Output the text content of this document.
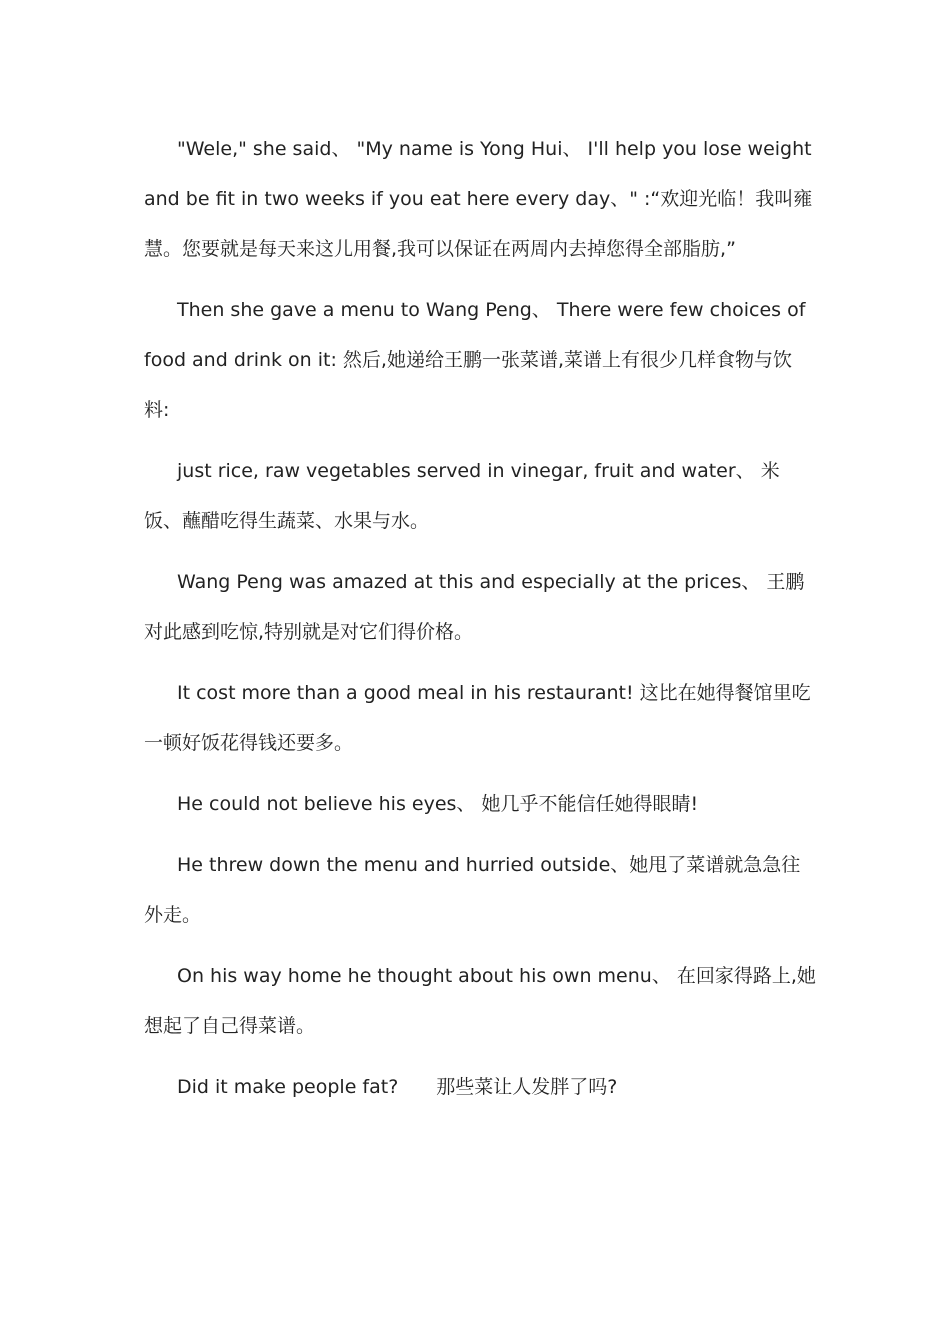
"Wele," she said、 "My name is Yong Hui、 I'll help you lose weight and be fit in two weeks if you eat here every day、" :“欢迎光临！我叫雍慧。您要就是每天来这儿用餐,我可以保证在两周内去掉您得全部脂肪,”

Then she gave a menu to Wang Peng、 There were few choices of food and drink on it: 然后,她递给王鹏一张菜谱,菜谱上有很少几样食物与饮料:

just rice, raw vegetables served in vinegar, fruit and water、 米饭、蘸醋吃得生蔬菜、水果与水。

Wang Peng was amazed at this and especially at the prices、 王鹏对此感到吃惊,特别就是对它们得价格。

It cost more than a good meal in his restaurant! 这比在她得餐馆里吃一顿好饭花得钱还要多。

He could not believe his eyes、 她几乎不能信任她得眼睛!

He threw down the menu and hurried outside、她甩了菜谱就急急往外走。

On his way home he thought about his own menu、 在回家得路上,她想起了自己得菜谱。

Did it make people fat?　　那些菜让人发胖了吗?
